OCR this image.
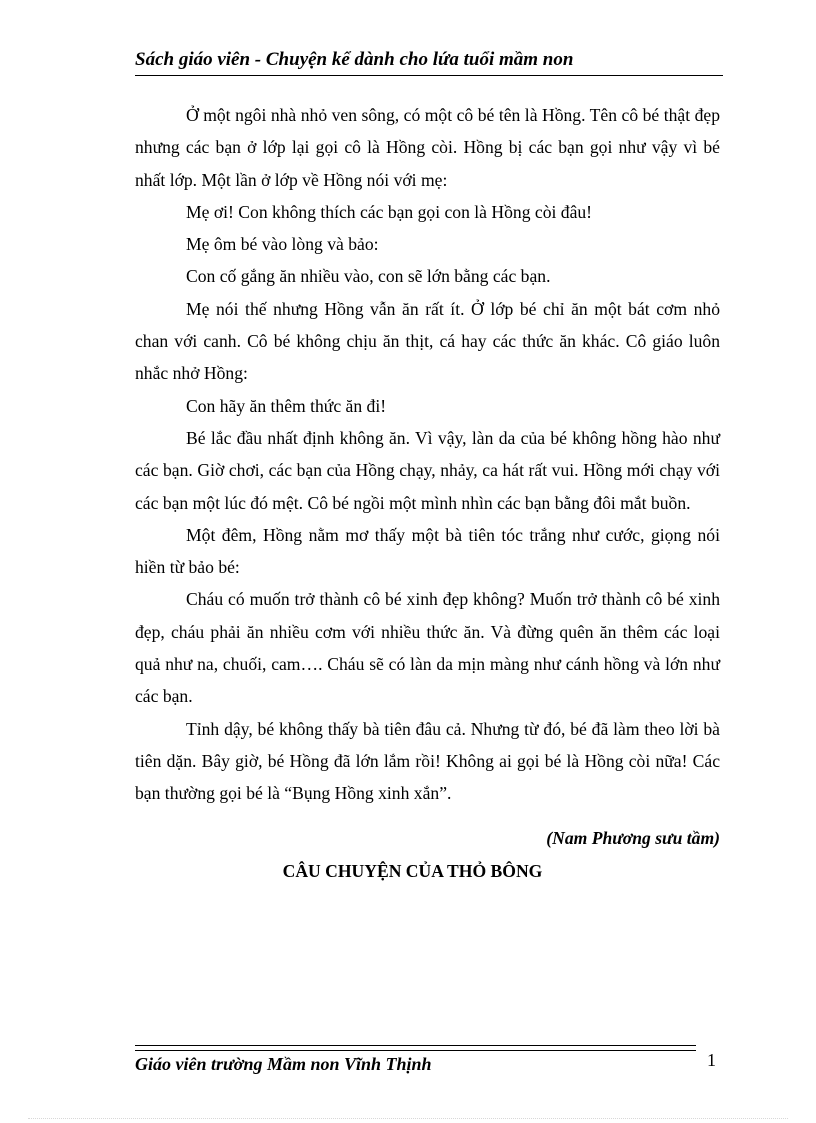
Sách giáo viên - Chuyện kể dành cho lứa tuổi mầm non

Ở một ngôi nhà nhỏ ven sông, có một cô bé tên là Hồng. Tên cô bé thật đẹp nhưng các bạn ở lớp lại gọi cô là Hồng còi. Hồng bị các bạn gọi như vậy vì bé nhất lớp. Một lần ở lớp về Hồng nói với mẹ:

Mẹ ơi! Con không thích các bạn gọi con là Hồng còi đâu!

Mẹ ôm bé vào lòng và bảo:

Con cố gắng ăn nhiều vào, con sẽ lớn bằng các bạn.

Mẹ nói thế nhưng Hồng vẫn ăn rất ít. Ở lớp bé chỉ ăn một bát cơm nhỏ chan với canh. Cô bé không chịu ăn thịt, cá hay các thức ăn khác. Cô giáo luôn nhắc nhở Hồng:

Con hãy ăn thêm thức ăn đi!

Bé lắc đầu nhất định không ăn. Vì vậy, làn da của bé không hồng hào như các bạn. Giờ chơi, các bạn của Hồng chạy, nhảy, ca hát rất vui. Hồng mới chạy với các bạn một lúc đó mệt. Cô bé ngồi một mình nhìn các bạn bằng đôi mắt buồn.

Một đêm, Hồng nằm mơ thấy một bà tiên tóc trắng như cước, giọng nói hiền từ bảo bé:

Cháu có muốn trở thành cô bé xinh đẹp không? Muốn trở thành cô bé xinh đẹp, cháu phải ăn nhiều cơm với nhiều thức ăn. Và đừng quên ăn thêm các loại quả như na, chuối, cam…. Cháu sẽ có làn da mịn màng như cánh hồng và lớn như các bạn.

Tỉnh dậy, bé không thấy bà tiên đâu cả. Nhưng từ đó, bé đã làm theo lời bà tiên dặn. Bây giờ, bé Hồng đã lớn lắm rồi! Không ai gọi bé là Hồng còi nữa! Các bạn thường gọi bé là “Bụng Hồng xinh xắn”.

(Nam Phương sưu tầm)
CÂU CHUYỆN CỦA THỎ BÔNG
Giáo viên trường Mầm non Vĩnh Thịnh	1
